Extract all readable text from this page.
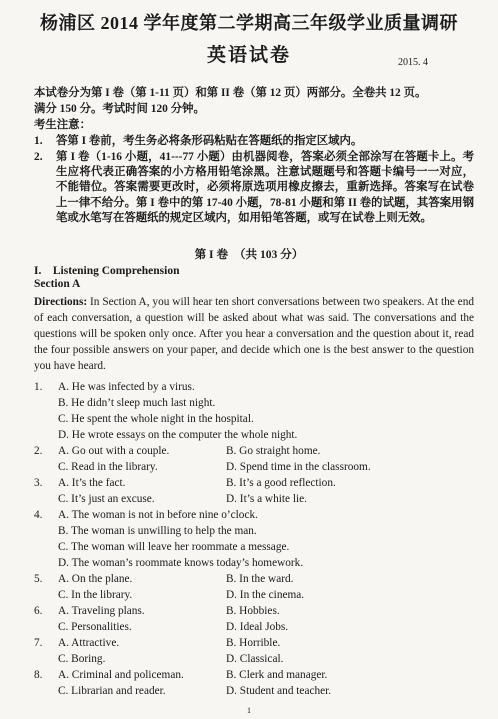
杨浦区 2014 学年度第二学期高三年级学业质量调研
英语试卷	2015. 4
本试卷分为第 I 卷（第 1-11 页）和第 II 卷（第 12 页）两部分。全卷共 12 页。
满分 150 分。考试时间 120 分钟。
考生注意：
1. 答第 I 卷前，考生务必将条形码粘贴在答题纸的指定区域内。
2. 第 I 卷（1-16 小题，41---77 小题）由机器阅卷，答案必须全部涂写在答题卡上。考生应将代表正确答案的小方格用铅笔涂黑。注意试题题号和答题卡编号一一对应，不能错位。答案需要更改时，必须将原选项用橡皮擦去，重新选择。答案写在试卷上一律不给分。第 I 卷中的第 17-40 小题，78-81 小题和第 II 卷的试题，其答案用钢笔或水笔写在答题纸的规定区域内，如用铅笔答题，或写在试卷上则无效。
第 I 卷　（共 103 分）
I.　Listening Comprehension
Section A
Directions: In Section A, you will hear ten short conversations between two speakers. At the end of each conversation, a question will be asked about what was said. The conversations and the questions will be spoken only once. After you hear a conversation and the question about it, read the four possible answers on your paper, and decide which one is the best answer to the question you have heard.
1. A. He was infected by a virus.
B. He didn’t sleep much last night.
C. He spent the whole night in the hospital.
D. He wrote essays on the computer the whole night.
2. A. Go out with a couple.	B. Go straight home.
C. Read in the library.	D. Spend time in the classroom.
3. A. It’s the fact.	B. It’s a good reflection.
C. It’s just an excuse.	D. It’s a white lie.
4. A. The woman is not in before nine o’clock.
B. The woman is unwilling to help the man.
C. The woman will leave her roommate a message.
D. The woman’s roommate knows today’s homework.
5. A. On the plane.	B. In the ward.
C. In the library.	D. In the cinema.
6. A. Traveling plans.	B. Hobbies.
C. Personalities.	D. Ideal Jobs.
7. A. Attractive.	B. Horrible.
C. Boring.	D. Classical.
8. A. Criminal and policeman.	B. Clerk and manager.
C. Librarian and reader.	D. Student and teacher.
1
